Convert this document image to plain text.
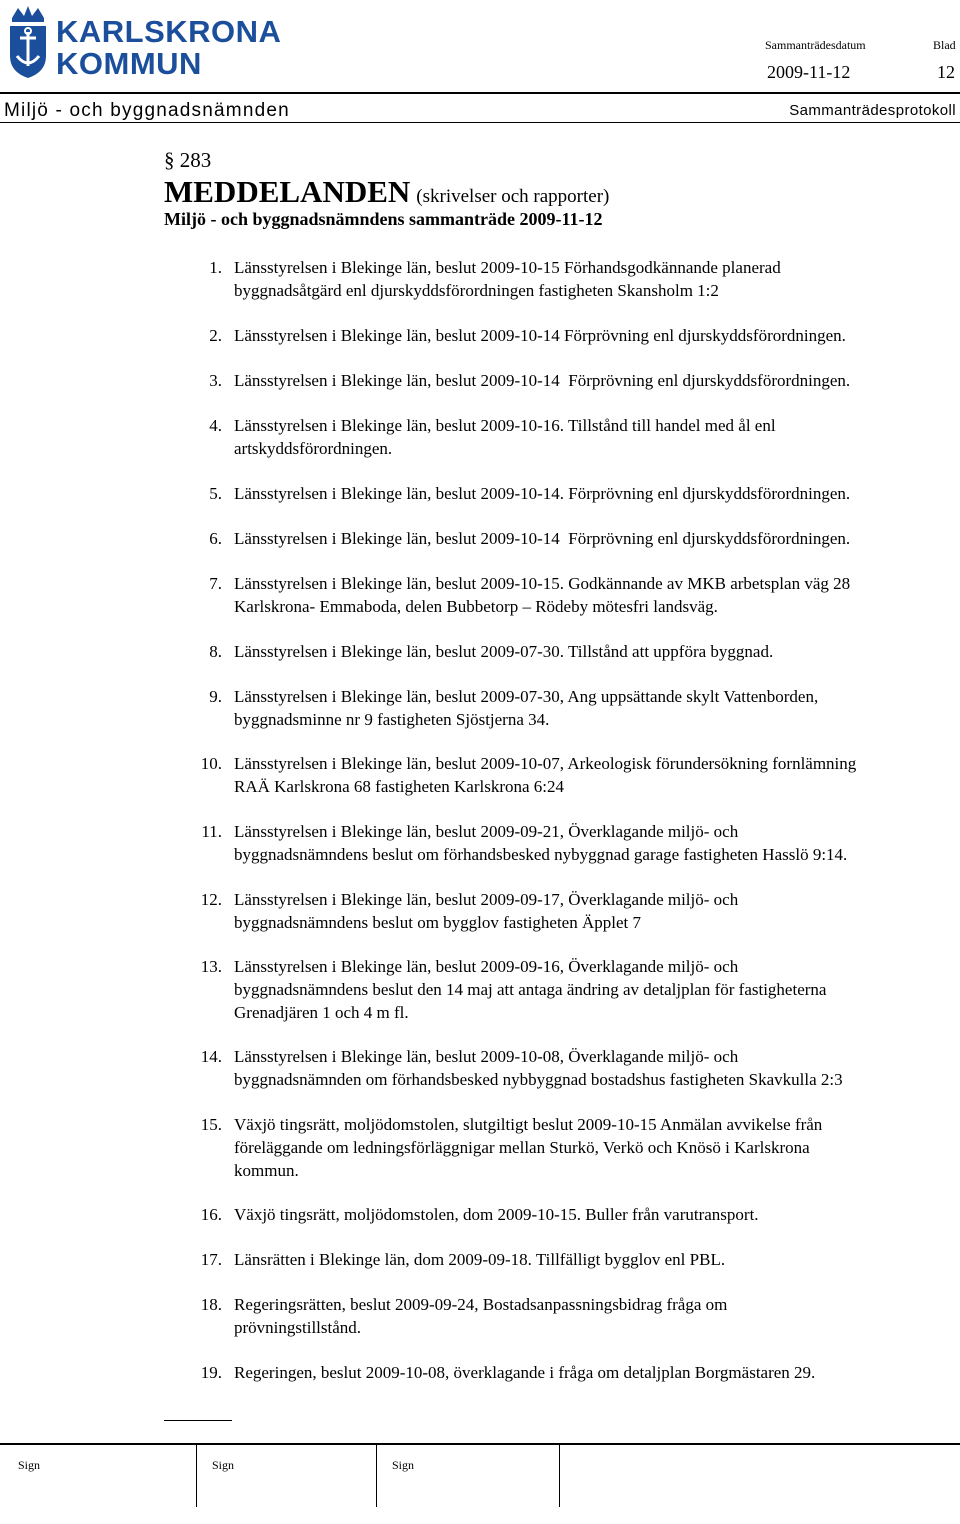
KARLSKRONA
KOMMUN
Sammanträdesdatum	Blad
2009-11-12	12
Miljö - och byggnadsnämnden	Sammanträdesprotokoll
§ 283
MEDDELANDEN (skrivelser och rapporter)
Miljö - och byggnadsnämndens sammanträde 2009-11-12
1. Länsstyrelsen i Blekinge län, beslut 2009-10-15 Förhandsgodkännande planerad
byggnadsåtgärd enl djurskyddsförordningen fastigheten Skansholm 1:2
2. Länsstyrelsen i Blekinge län, beslut 2009-10-14 Förprövning enl djurskyddsförordningen.
3. Länsstyrelsen i Blekinge län, beslut 2009-10-14  Förprövning enl djurskyddsförordningen.
4. Länsstyrelsen i Blekinge län, beslut 2009-10-16. Tillstånd till handel med ål enl
artskyddsförordningen.
5. Länsstyrelsen i Blekinge län, beslut 2009-10-14. Förprövning enl djurskyddsförordningen.
6. Länsstyrelsen i Blekinge län, beslut 2009-10-14  Förprövning enl djurskyddsförordningen.
7. Länsstyrelsen i Blekinge län, beslut 2009-10-15. Godkännande av MKB arbetsplan väg 28
Karlskrona- Emmaboda, delen Bubbetorp – Rödeby mötesfri landsväg.
8. Länsstyrelsen i Blekinge län, beslut 2009-07-30. Tillstånd att uppföra byggnad.
9. Länsstyrelsen i Blekinge län, beslut 2009-07-30, Ang uppsättande skylt Vattenborden,
byggnadsminne nr 9 fastigheten Sjöstjerna 34.
10. Länsstyrelsen i Blekinge län, beslut 2009-10-07, Arkeologisk förundersökning fornlämning
RAÄ Karlskrona 68 fastigheten Karlskrona 6:24
11. Länsstyrelsen i Blekinge län, beslut 2009-09-21, Överklagande miljö- och
byggnadsnämndens beslut om förhandsbesked nybyggnad garage fastigheten Hasslö 9:14.
12. Länsstyrelsen i Blekinge län, beslut 2009-09-17, Överklagande miljö- och
byggnadsnämndens beslut om bygglov fastigheten Äpplet 7
13. Länsstyrelsen i Blekinge län, beslut 2009-09-16, Överklagande miljö- och
byggnadsnämndens beslut den 14 maj att antaga ändring av detaljplan för fastigheterna
Grenadjären 1 och 4 m fl.
14. Länsstyrelsen i Blekinge län, beslut 2009-10-08, Överklagande miljö- och
byggnadsnämnden om förhandsbesked nybbyggnad bostadshus fastigheten Skavkulla 2:3
15. Växjö tingsrätt, moljödomstolen, slutgiltigt beslut 2009-10-15 Anmälan avvikelse från
föreläggande om ledningsförläggnigar mellan Sturkö, Verkö och Knösö i Karlskrona
kommun.
16. Växjö tingsrätt, moljödomstolen, dom 2009-10-15. Buller från varutransport.
17. Länsrätten i Blekinge län, dom 2009-09-18. Tillfälligt bygglov enl PBL.
18. Regeringsrätten, beslut 2009-09-24, Bostadsanpassningsbidrag fråga om
prövningstillstånd.
19. Regeringen, beslut 2009-10-08, överklagande i fråga om detaljplan Borgmästaren 29.
Sign	Sign	Sign
